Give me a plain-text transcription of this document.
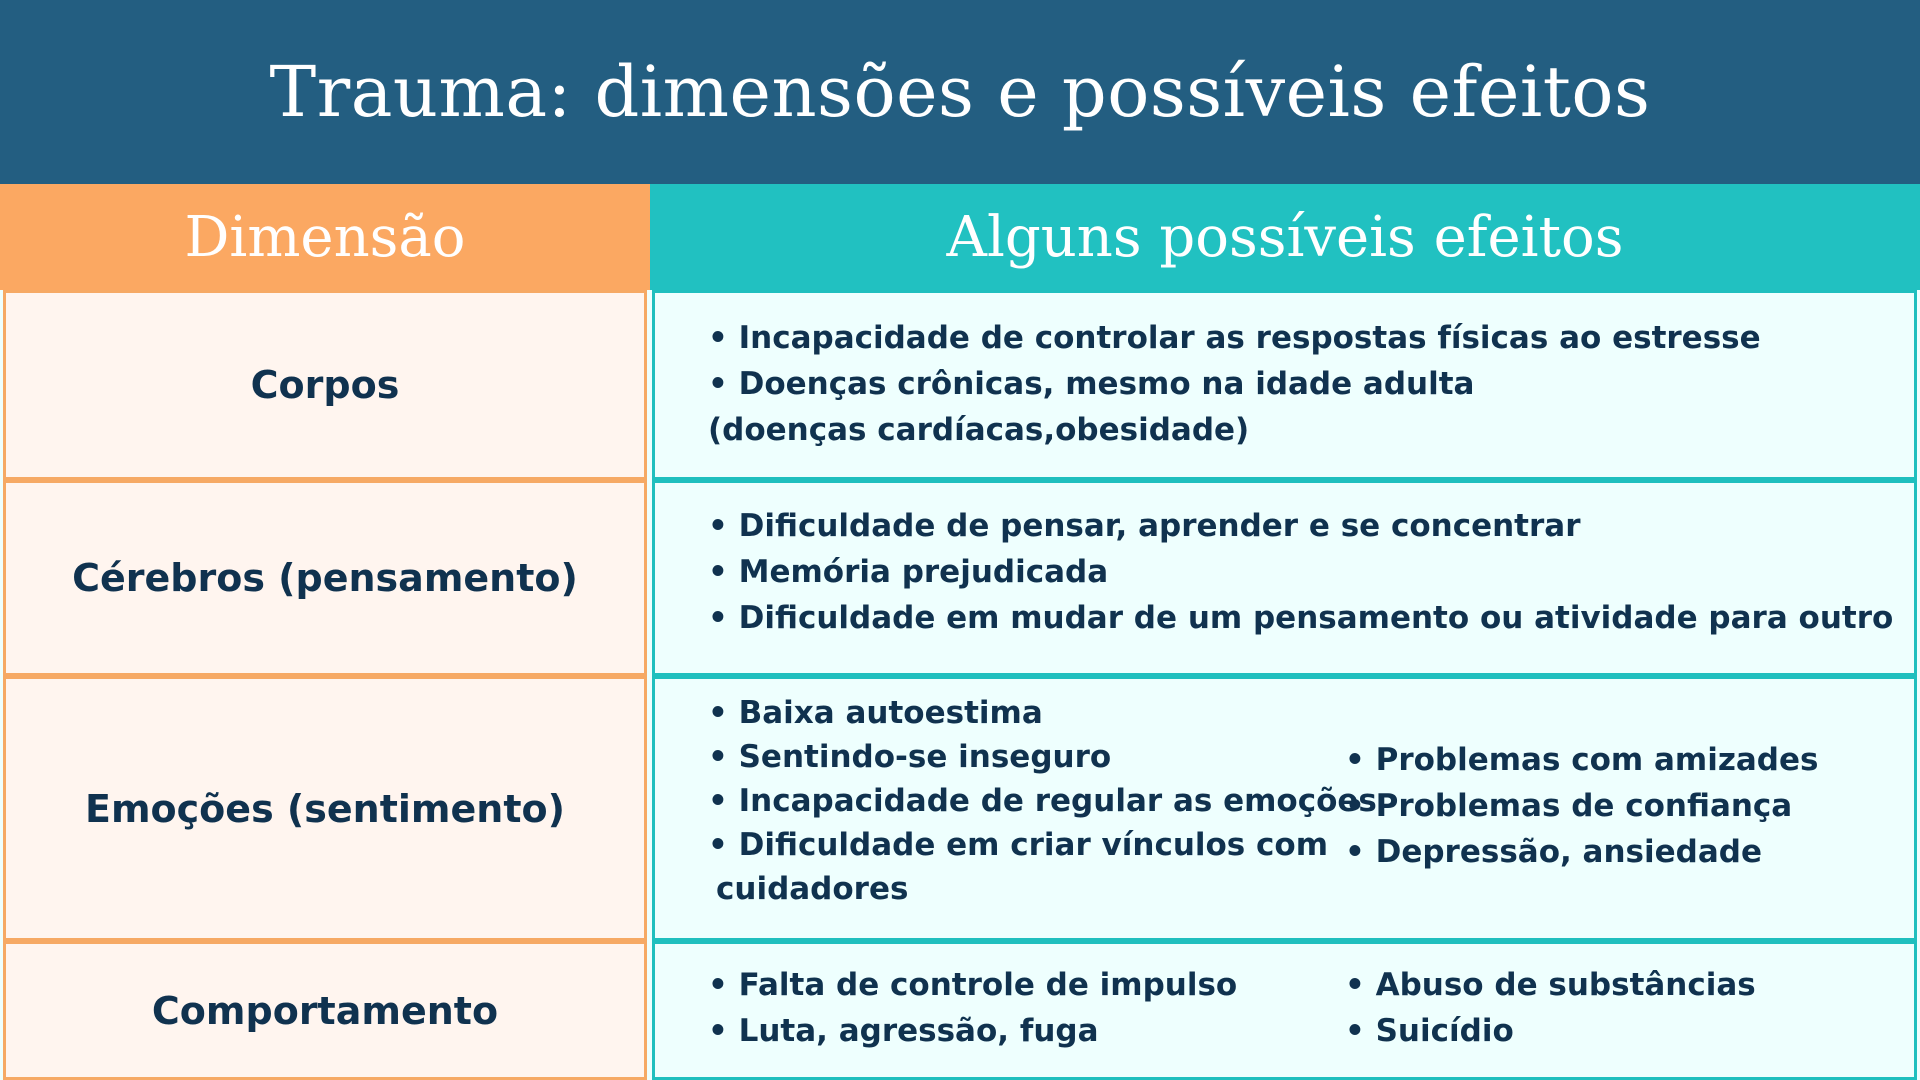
Trauma: dimensões e possíveis efeitos
Dimensão	Alguns possíveis efeitos
Corpos
• Incapacidade de controlar as respostas físicas ao estresse
• Doenças crônicas, mesmo na idade adulta
(doenças cardíacas,obesidade)
Cérebros (pensamento)
• Dificuldade de pensar, aprender e se concentrar
• Memória prejudicada
• Dificuldade em mudar de um pensamento ou atividade para outro
Emoções (sentimento)
• Baixa autoestima
• Sentindo-se inseguro
• Incapacidade de regular as emoções
• Dificuldade em criar vínculos com
cuidadores
• Problemas com amizades
• Problemas de confiança
• Depressão, ansiedade
Comportamento
• Falta de controle de impulso
• Luta, agressão, fuga
• Abuso de substâncias
• Suicídio
